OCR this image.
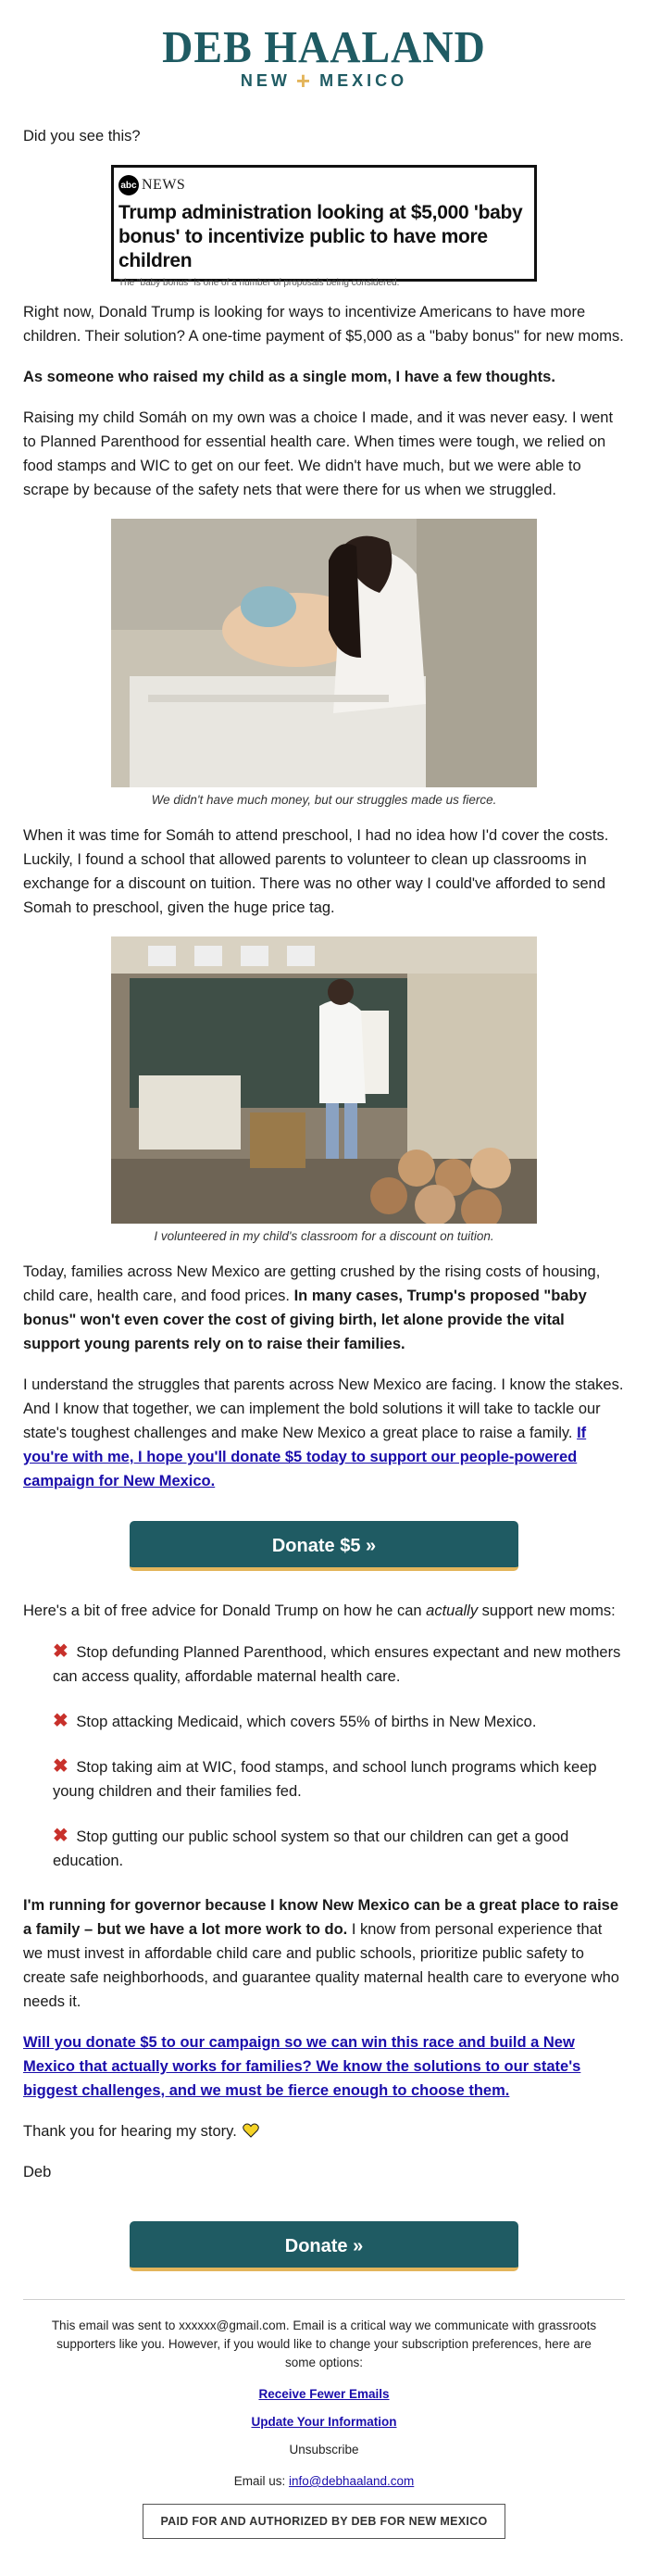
DEB HAALAND
NEW + MEXICO

Did you see this?

abc NEWS
Trump administration looking at $5,000 'baby bonus' to incentivize public to have more children
The "baby bonus" is one of a number of proposals being considered.

Right now, Donald Trump is looking for ways to incentivize Americans to have more children. Their solution? A one-time payment of $5,000 as a "baby bonus" for new moms.

As someone who raised my child as a single mom, I have a few thoughts.

Raising my child Somáh on my own was a choice I made, and it was never easy. I went to Planned Parenthood for essential health care. When times were tough, we relied on food stamps and WIC to get on our feet. We didn't have much, but we were able to scrape by because of the safety nets that were there for us when we struggled.

We didn't have much money, but our struggles made us fierce.

When it was time for Somáh to attend preschool, I had no idea how I'd cover the costs. Luckily, I found a school that allowed parents to volunteer to clean up classrooms in exchange for a discount on tuition. There was no other way I could've afforded to send Somah to preschool, given the huge price tag.

I volunteered in my child's classroom for a discount on tuition.

Today, families across New Mexico are getting crushed by the rising costs of housing, child care, health care, and food prices. In many cases, Trump's proposed "baby bonus" won't even cover the cost of giving birth, let alone provide the vital support young parents rely on to raise their families.

I understand the struggles that parents across New Mexico are facing. I know the stakes. And I know that together, we can implement the bold solutions it will take to tackle our state's toughest challenges and make New Mexico a great place to raise a family. If you're with me, I hope you'll donate $5 today to support our people-powered campaign for New Mexico.

Donate $5 »

Here's a bit of free advice for Donald Trump on how he can actually support new moms:

✖ Stop defunding Planned Parenthood, which ensures expectant and new mothers can access quality, affordable maternal health care.
✖ Stop attacking Medicaid, which covers 55% of births in New Mexico.
✖ Stop taking aim at WIC, food stamps, and school lunch programs which keep young children and their families fed.
✖ Stop gutting our public school system so that our children can get a good education.

I'm running for governor because I know New Mexico can be a great place to raise a family – but we have a lot more work to do. I know from personal experience that we must invest in affordable child care and public schools, prioritize public safety to create safe neighborhoods, and guarantee quality maternal health care to everyone who needs it.

Will you donate $5 to our campaign so we can win this race and build a New Mexico that actually works for families? We know the solutions to our state's biggest challenges, and we must be fierce enough to choose them.

Thank you for hearing my story.

Deb

Donate »
This email was sent to xxxxxx@gmail.com. Email is a critical way we communicate with grassroots supporters like you. However, if you would like to change your subscription preferences, here are some options:
Receive Fewer Emails
Update Your Information
Unsubscribe
Email us: info@debhaaland.com
PAID FOR AND AUTHORIZED BY DEB FOR NEW MEXICO
